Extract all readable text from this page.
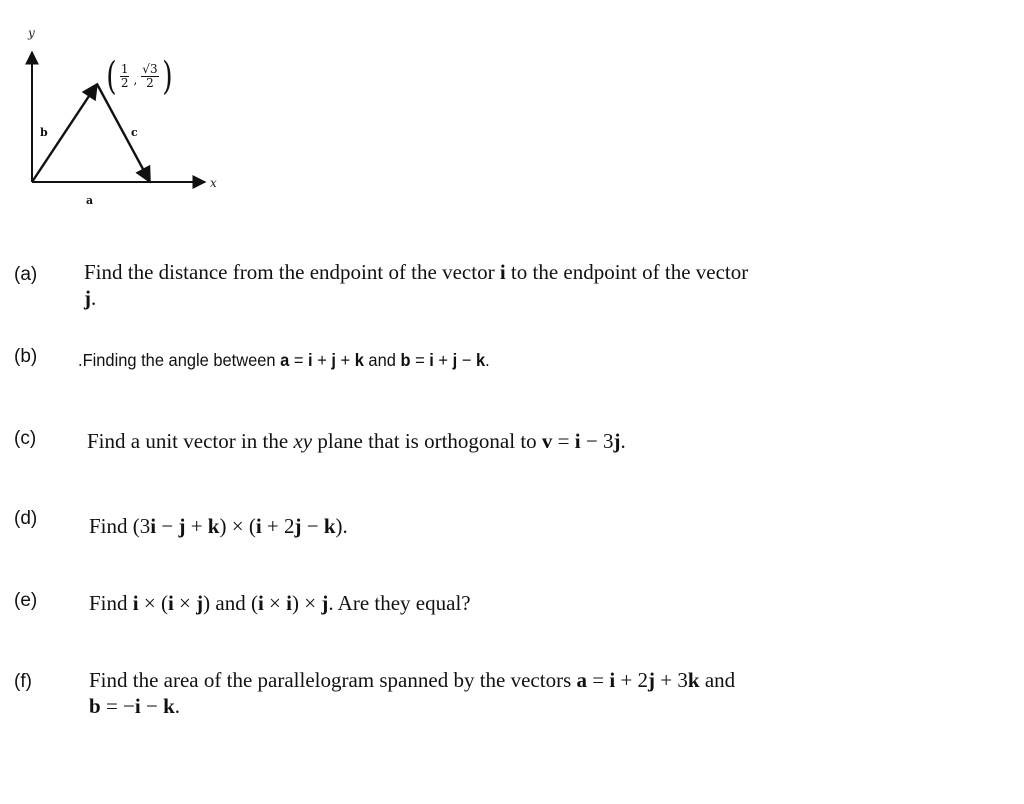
y
x
b	c
a
( $\frac{1}{2}$ , $\frac{√3}{2}$ )
(a) Find the distance from the endpoint of the vector i to the endpoint of the vector
j.
(b) .Finding the angle between a = i + j + k and b = i + j − k.
(c) Find a unit vector in the xy plane that is orthogonal to v = i − 3j.
(d) Find (3i − j + k) × (i + 2j − k).
(e) Find i × (i × j) and (i × i) × j. Are they equal?
(f)	Find the area of the parallelogram spanned by the vectors a = i + 2j + 3k and
b = −i − k.
